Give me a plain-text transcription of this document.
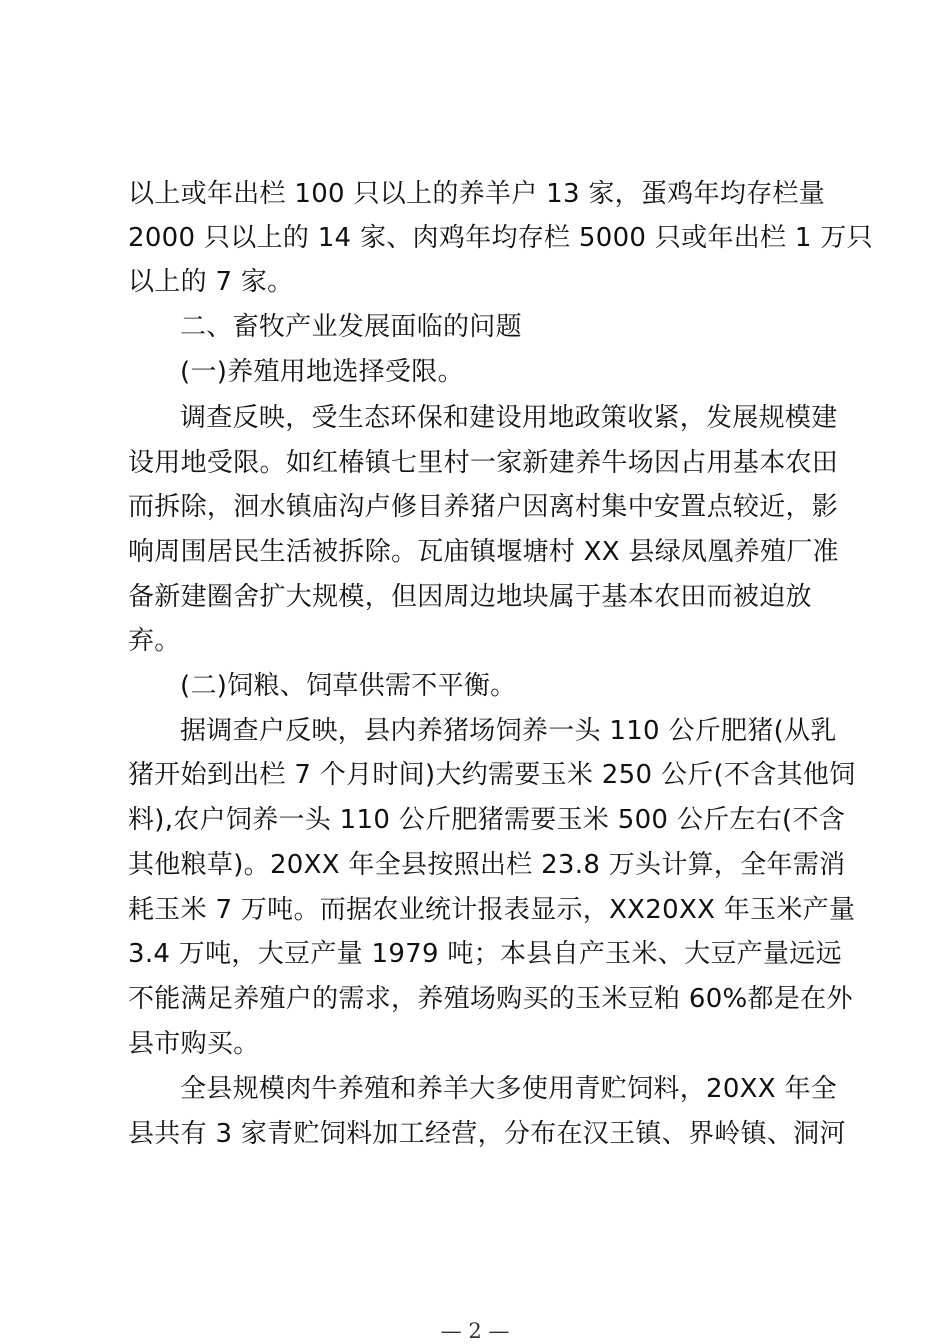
以上或年出栏 100 只以上的养羊户 13 家，蛋鸡年均存栏量
2000 只以上的 14 家、肉鸡年均存栏 5000 只或年出栏 1 万只
以上的 7 家。
二、畜牧产业发展面临的问题
(一)养殖用地选择受限。
调查反映，受生态环保和建设用地政策收紧，发展规模建
设用地受限。如红椿镇七里村一家新建养牛场因占用基本农田
而拆除，洄水镇庙沟卢修目养猪户因离村集中安置点较近，影
响周围居民生活被拆除。瓦庙镇堰塘村 XX 县绿凤凰养殖厂准
备新建圈舍扩大规模，但因周边地块属于基本农田而被迫放
弃。
(二)饲粮、饲草供需不平衡。
据调查户反映，县内养猪场饲养一头 110 公斤肥猪(从乳
猪开始到出栏 7 个月时间)大约需要玉米 250 公斤(不含其他饲
料),农户饲养一头 110 公斤肥猪需要玉米 500 公斤左右(不含
其他粮草)。20XX 年全县按照出栏 23.8 万头计算，全年需消
耗玉米 7 万吨。而据农业统计报表显示，XX20XX 年玉米产量
3.4 万吨，大豆产量 1979 吨；本县自产玉米、大豆产量远远
不能满足养殖户的需求，养殖场购买的玉米豆粕 60%都是在外
县市购买。
全县规模肉牛养殖和养羊大多使用青贮饲料，20XX 年全
县共有 3 家青贮饲料加工经营，分布在汉王镇、界岭镇、洞河
— 2 —
